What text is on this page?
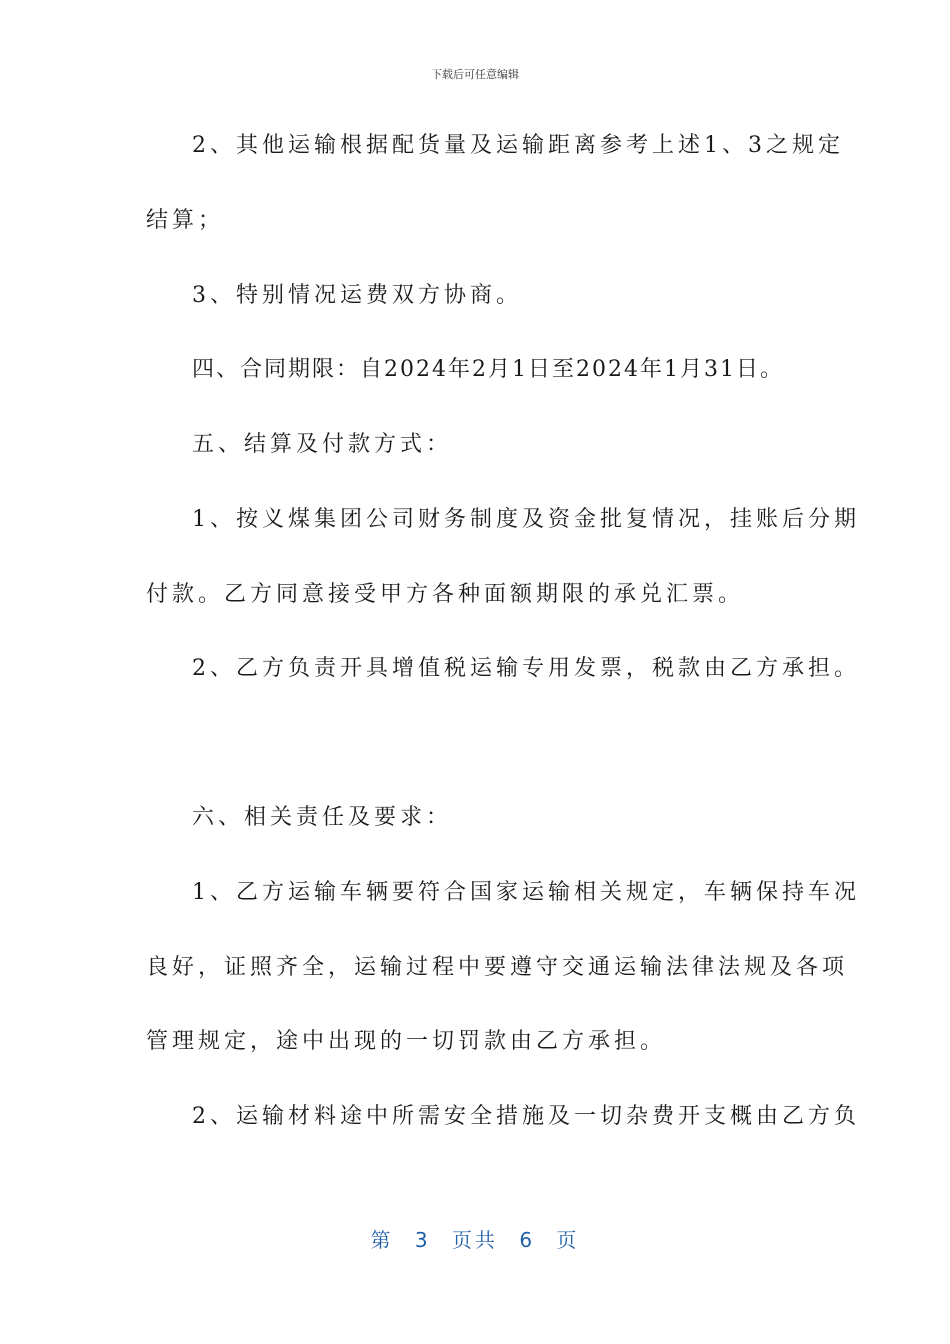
下载后可任意编辑
2、其他运输根据配货量及运输距离参考上述1、3之规定
结算；
3、特别情况运费双方协商。
四、合同期限：自2024年2月1日至2024年1月31日。
五、结算及付款方式：
1、按义煤集团公司财务制度及资金批复情况，挂账后分期
付款。乙方同意接受甲方各种面额期限的承兑汇票。
2、乙方负责开具增值税运输专用发票，税款由乙方承担。
六、相关责任及要求：
1、乙方运输车辆要符合国家运输相关规定，车辆保持车况
良好，证照齐全，运输过程中要遵守交通运输法律法规及各项
管理规定，途中出现的一切罚款由乙方承担。
2、运输材料途中所需安全措施及一切杂费开支概由乙方负
第 3 页共 6 页
